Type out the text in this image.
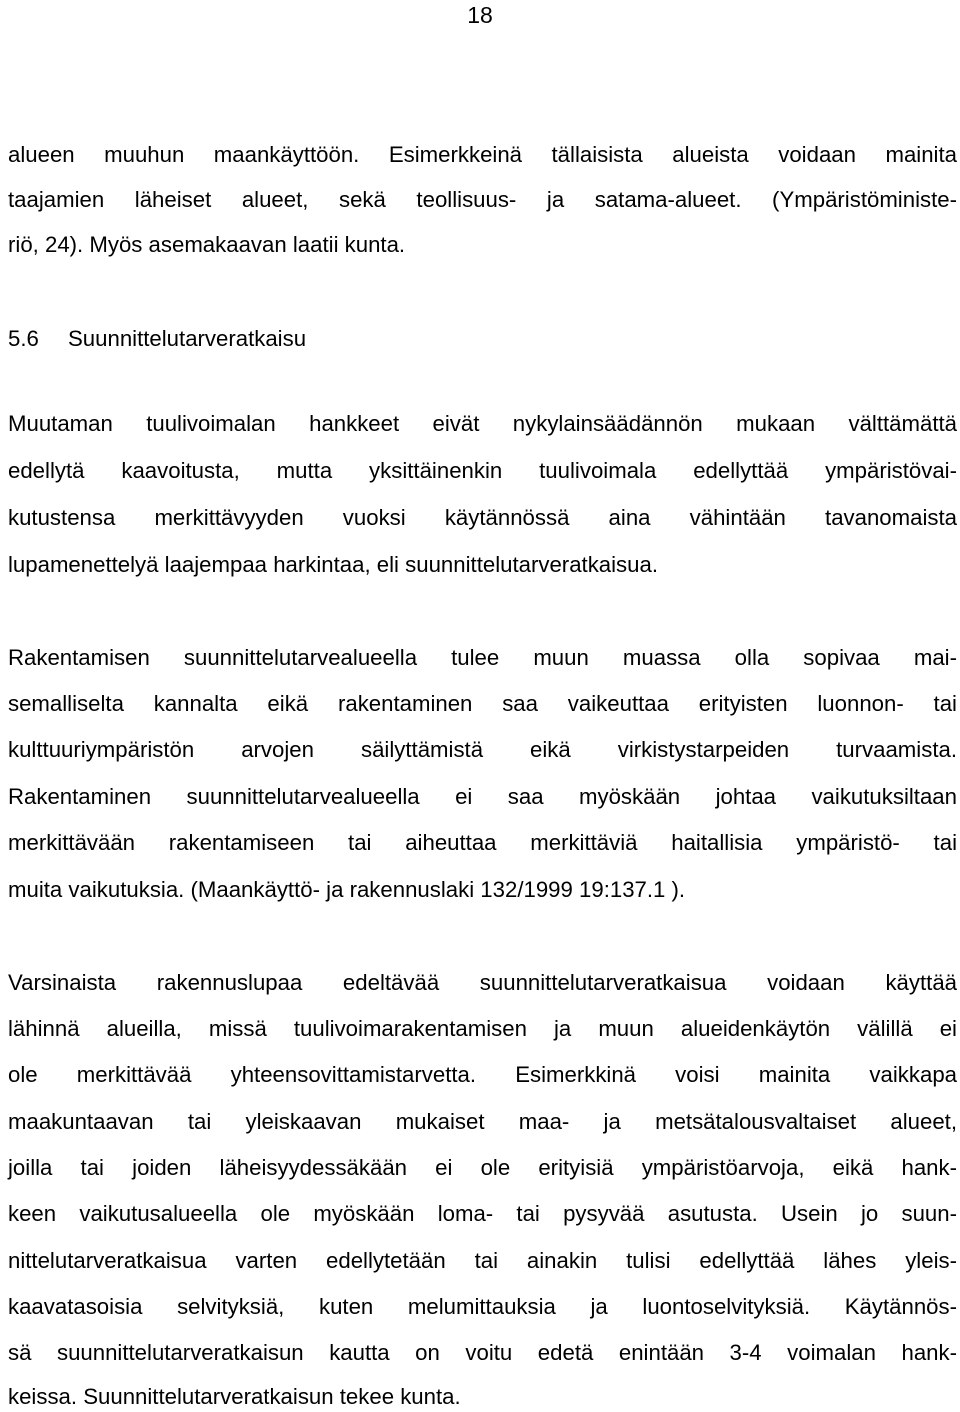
18
alueen muuhun maankäyttöön. Esimerkkeinä tällaisista alueista voidaan mainita
taajamien läheiset alueet, sekä teollisuus- ja satama-alueet. (Ympäristöministe-
riö, 24). Myös asemakaavan laatii kunta.
5.6 Suunnittelutarveratkaisu
Muutaman tuulivoimalan hankkeet eivät nykylainsäädännön mukaan välttämättä
edellytä kaavoitusta, mutta yksittäinenkin tuulivoimala edellyttää ympäristövai-
kutustensa merkittävyyden vuoksi käytännössä aina vähintään tavanomaista
lupamenettelyä laajempaa harkintaa, eli suunnittelutarveratkaisua.
Rakentamisen suunnittelutarvealueella tulee muun muassa olla sopivaa mai-
semalliselta kannalta eikä rakentaminen saa vaikeuttaa erityisten luonnon- tai
kulttuuriympäristön arvojen säilyttämistä eikä virkistystarpeiden turvaamista.
Rakentaminen suunnittelutarvealueella ei saa myöskään johtaa vaikutuksiltaan
merkittävään rakentamiseen tai aiheuttaa merkittäviä haitallisia ympäristö- tai
muita vaikutuksia. (Maankäyttö- ja rakennuslaki 132/1999 19:137.1 ).
Varsinaista rakennuslupaa edeltävää suunnittelutarveratkaisua voidaan käyttää
lähinnä alueilla, missä tuulivoimarakentamisen ja muun alueidenkäytön välillä ei
ole merkittävää yhteensovittamistarvetta. Esimerkkinä voisi mainita vaikkapa
maakuntaavan tai yleiskaavan mukaiset maa- ja metsätalousvaltaiset alueet,
joilla tai joiden läheisyydessäkään ei ole erityisiä ympäristöarvoja, eikä hank-
keen vaikutusalueella ole myöskään loma- tai pysyvää asutusta. Usein jo suun-
nittelutarveratkaisua varten edellytetään tai ainakin tulisi edellyttää lähes yleis-
kaavatasoisia selvityksiä, kuten melumittauksia ja luontoselvityksiä. Käytännös-
sä suunnittelutarveratkaisun kautta on voitu edetä enintään 3-4 voimalan hank-
keissa. Suunnittelutarveratkaisun tekee kunta.
